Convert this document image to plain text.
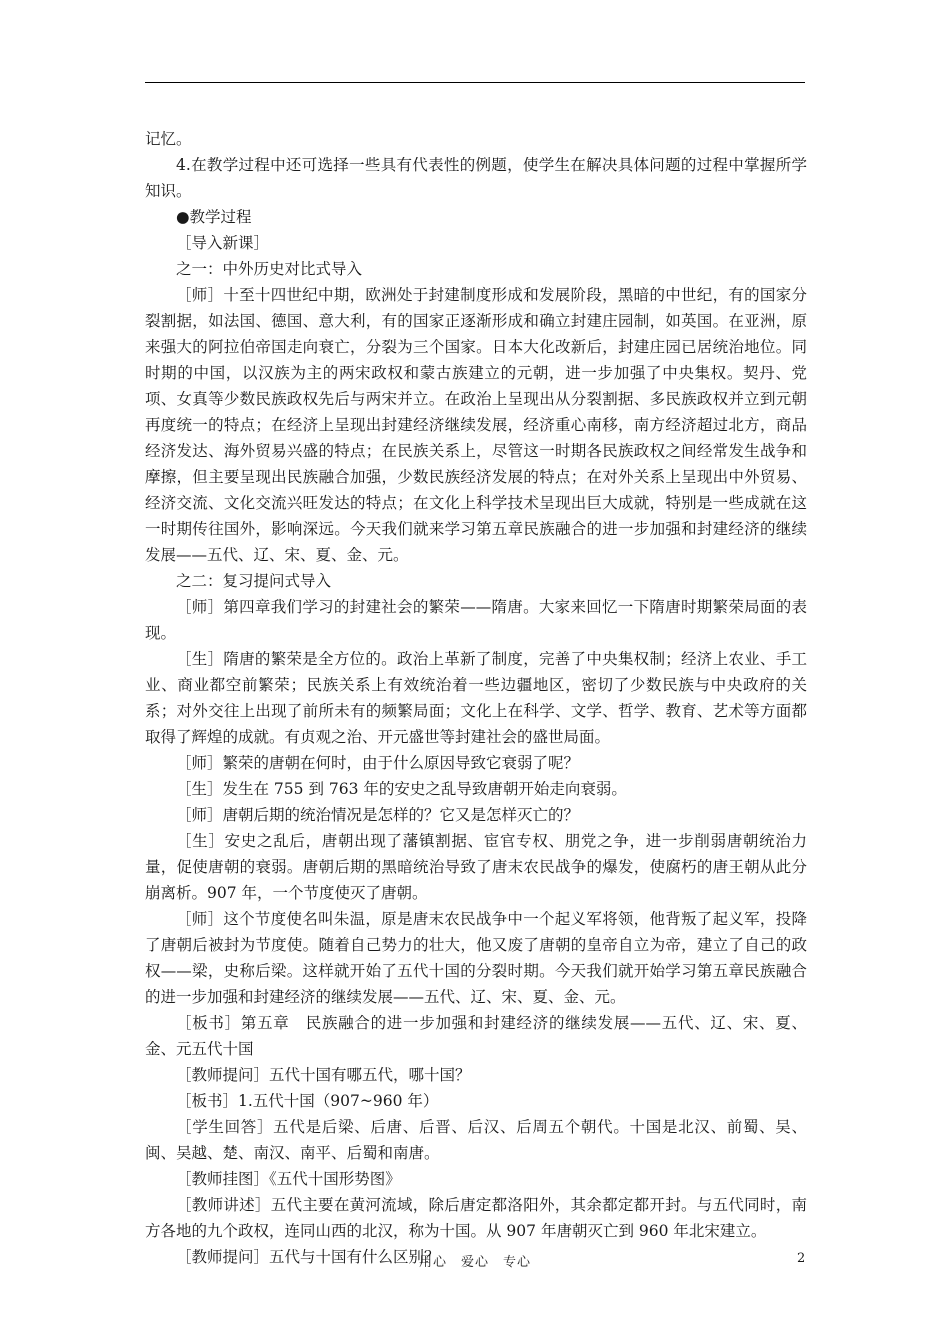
记忆。

4.在教学过程中还可选择一些具有代表性的例题，使学生在解决具体问题的过程中掌握所学知识。

●教学过程

［导入新课］

之一：中外历史对比式导入

［师］十至十四世纪中期，欧洲处于封建制度形成和发展阶段，黑暗的中世纪，有的国家分裂割据，如法国、德国、意大利，有的国家正逐渐形成和确立封建庄园制，如英国。在亚洲，原来强大的阿拉伯帝国走向衰亡，分裂为三个国家。日本大化改新后，封建庄园已居统治地位。同时期的中国，以汉族为主的两宋政权和蒙古族建立的元朝，进一步加强了中央集权。契丹、党项、女真等少数民族政权先后与两宋并立。在政治上呈现出从分裂割据、多民族政权并立到元朝再度统一的特点；在经济上呈现出封建经济继续发展，经济重心南移，南方经济超过北方，商品经济发达、海外贸易兴盛的特点；在民族关系上，尽管这一时期各民族政权之间经常发生战争和摩擦，但主要呈现出民族融合加强，少数民族经济发展的特点；在对外关系上呈现出中外贸易、经济交流、文化交流兴旺发达的特点；在文化上科学技术呈现出巨大成就，特别是一些成就在这一时期传往国外，影响深远。今天我们就来学习第五章民族融合的进一步加强和封建经济的继续发展——五代、辽、宋、夏、金、元。

之二：复习提问式导入

［师］第四章我们学习的封建社会的繁荣——隋唐。大家来回忆一下隋唐时期繁荣局面的表现。

［生］隋唐的繁荣是全方位的。政治上革新了制度，完善了中央集权制；经济上农业、手工业、商业都空前繁荣；民族关系上有效统治着一些边疆地区，密切了少数民族与中央政府的关系；对外交往上出现了前所未有的频繁局面；文化上在科学、文学、哲学、教育、艺术等方面都取得了辉煌的成就。有贞观之治、开元盛世等封建社会的盛世局面。

［师］繁荣的唐朝在何时，由于什么原因导致它衰弱了呢？

［生］发生在 755 到 763 年的安史之乱导致唐朝开始走向衰弱。

［师］唐朝后期的统治情况是怎样的？它又是怎样灭亡的？

［生］安史之乱后，唐朝出现了藩镇割据、宦官专权、朋党之争，进一步削弱唐朝统治力量，促使唐朝的衰弱。唐朝后期的黑暗统治导致了唐末农民战争的爆发，使腐朽的唐王朝从此分崩离析。907 年，一个节度使灭了唐朝。

［师］这个节度使名叫朱温，原是唐末农民战争中一个起义军将领，他背叛了起义军，投降了唐朝后被封为节度使。随着自己势力的壮大，他又废了唐朝的皇帝自立为帝，建立了自己的政权——梁，史称后梁。这样就开始了五代十国的分裂时期。今天我们就开始学习第五章民族融合的进一步加强和封建经济的继续发展——五代、辽、宋、夏、金、元。

［板书］第五章　民族融合的进一步加强和封建经济的继续发展——五代、辽、宋、夏、金、元五代十国

［教师提问］五代十国有哪五代，哪十国？

［板书］1.五代十国（907~960 年）

［学生回答］五代是后梁、后唐、后晋、后汉、后周五个朝代。十国是北汉、前蜀、吴、闽、吴越、楚、南汉、南平、后蜀和南唐。

［教师挂图］《五代十国形势图》

［教师讲述］五代主要在黄河流域，除后唐定都洛阳外，其余都定都开封。与五代同时，南方各地的九个政权，连同山西的北汉，称为十国。从 907 年唐朝灭亡到 960 年北宋建立。

［教师提问］五代与十国有什么区别？

用心　爱心　专心	2
